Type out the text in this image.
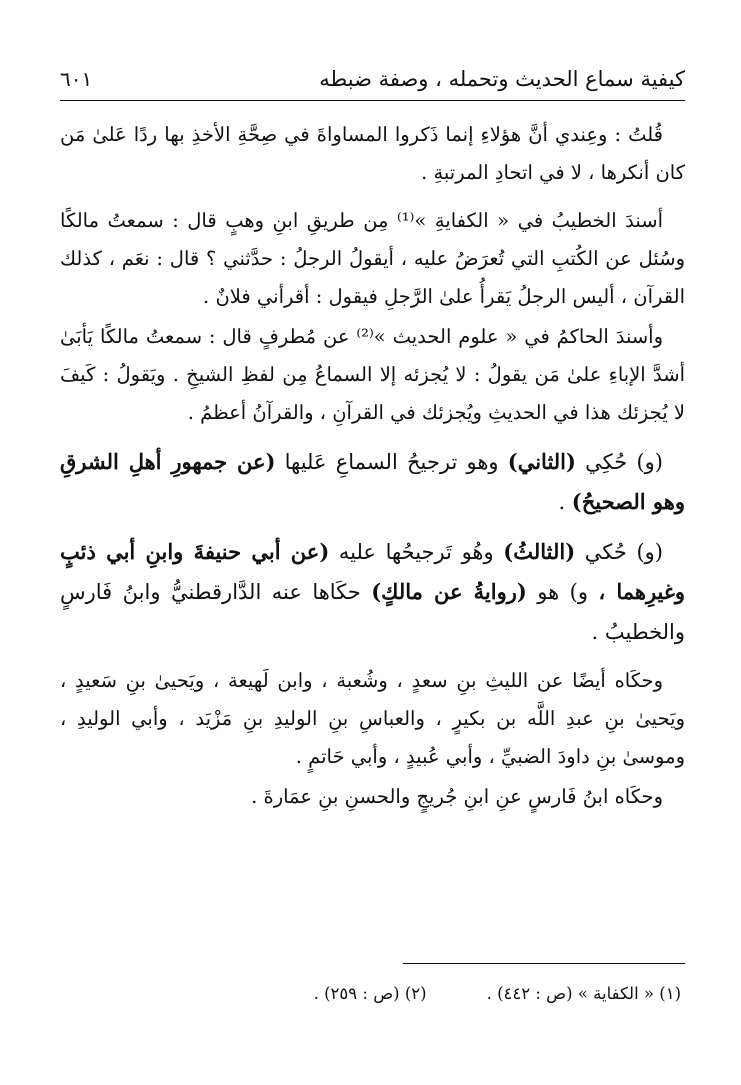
كيفية سماع الحديث وتحمله ، وصفة ضبطه
٦٠١

قُلتُ : وعِندي أنَّ هؤلاءِ إنما ذَكروا المساواةَ في صِحَّةِ الأخذِ بها ردًا عَلىٰ مَن كان أنكرها ، لا في اتحادِ المرتبةِ .

أسندَ الخطيبُ في « الكفايةِ »⁽¹⁾ مِن طريقِ ابنِ وهبٍ قال : سمعتُ مالكًا وسُئل عن الكُتبِ التي تُعرَضُ عليه ، أيقولُ الرجلُ : حدَّثني ؟ قال : نعَم ، كذلك القرآن ، أليس الرجلُ يَقرأُ علىٰ الرَّجلِ فيقول : أقرأني فلانٌ .

وأسندَ الحاكمُ في « علوم الحديث »⁽²⁾ عن مُطرفٍ قال : سمعتُ مالكًا يَأبَىٰ أشدَّ الإباءِ علىٰ مَن يقولُ : لا يُجزئه إلا السماعُ مِن لفظِ الشيخِ . ويَقولُ : كَيفَ لا يُجزئك هذا في الحديثِ ويُجزئك في القرآنِ ، والقرآنُ أعظمُ .

(و) حُكِي (الثاني) وهو ترجيحُ السماعِ عَليها (عن جمهورِ أهلِ الشرقِ وهو الصحيحُ) .

(و) حُكي (الثالثُ) وهُو تَرجيحُها عليه (عن أبي حنيفةَ وابنِ أبي ذئبٍ وغيرِهما ، و) هو (روايةُ عن مالكٍ) حكَاها عنه الدَّارقطنيُّ وابنُ فَارسٍ والخطيبُ .

وحكَاه أيضًا عن الليثِ بنِ سعدٍ ، وشُعبة ، وابن لَهيعة ، ويَحيىٰ بنِ سَعيدٍ ، ويَحيىٰ بنِ عبدِ اللَّه بن بكيرٍ ، والعباسِ بنِ الوليدِ بنِ مَزْيَد ، وأبي الوليدِ ، وموسىٰ بنِ داودَ الضبيِّ ، وأبي عُبيدٍ ، وأبي حَاتمٍ .

وحكَاه ابنُ فَارسٍ عنِ ابنِ جُريجٍ والحسنِ بنِ عمَارةَ .

(١) « الكفاية » (ص : ٤٤٢) .
(٢) (ص : ٢٥٩) .
